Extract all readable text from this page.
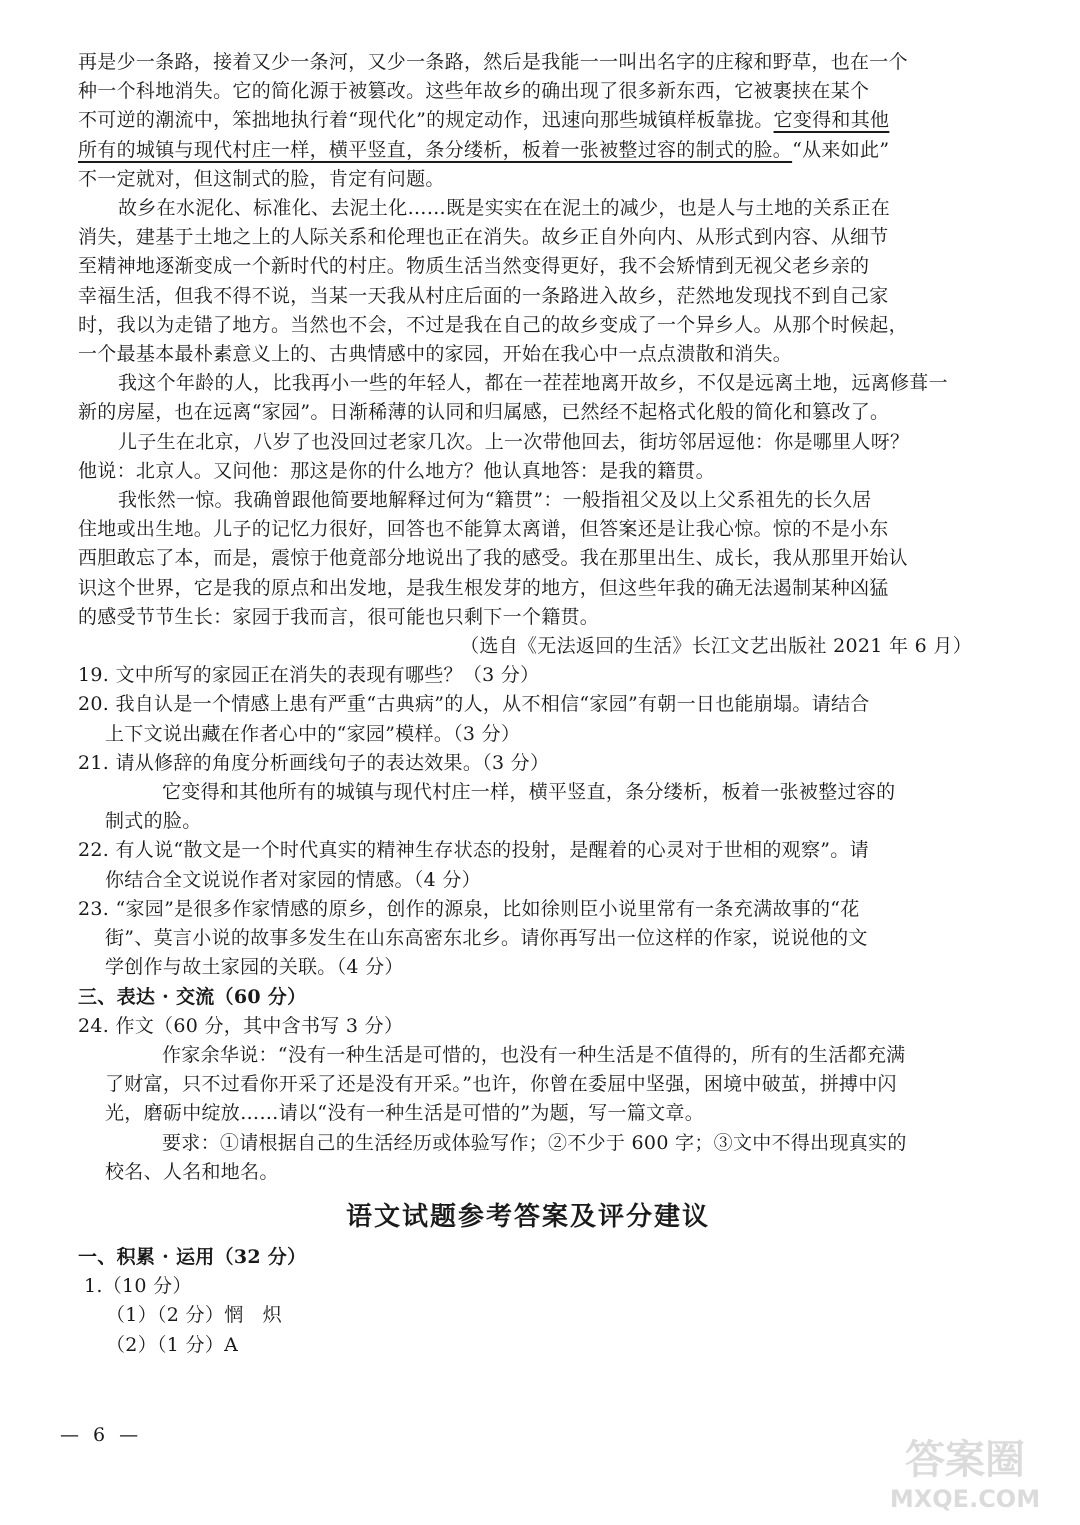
再是少一条路，接着又少一条河，又少一条路，然后是我能一一叫出名字的庄稼和野草，也在一个
种一个科地消失。它的简化源于被篡改。这些年故乡的确出现了很多新东西，它被裹挟在某个
不可逆的潮流中，笨拙地执行着“现代化”的规定动作，迅速向那些城镇样板靠拢。它变得和其他
所有的城镇与现代村庄一样，横平竖直，条分缕析，板着一张被整过容的制式的脸。“从来如此”
不一定就对，但这制式的脸，肯定有问题。
故乡在水泥化、标准化、去泥土化……既是实实在在泥土的减少，也是人与土地的关系正在
消失，建基于土地之上的人际关系和伦理也正在消失。故乡正自外向内、从形式到内容、从细节
至精神地逐渐变成一个新时代的村庄。物质生活当然变得更好，我不会矫情到无视父老乡亲的
幸福生活，但我不得不说，当某一天我从村庄后面的一条路进入故乡，茫然地发现找不到自己家
时，我以为走错了地方。当然也不会，不过是我在自己的故乡变成了一个异乡人。从那个时候起，
一个最基本最朴素意义上的、古典情感中的家园，开始在我心中一点点溃散和消失。
我这个年龄的人，比我再小一些的年轻人，都在一茬茬地离开故乡，不仅是远离土地，远离修葺一
新的房屋，也在远离“家园”。日渐稀薄的认同和归属感，已然经不起格式化般的简化和篡改了。
儿子生在北京，八岁了也没回过老家几次。上一次带他回去，街坊邻居逗他：你是哪里人呀？
他说：北京人。又问他：那这是你的什么地方？他认真地答：是我的籍贯。
我怅然一惊。我确曾跟他简要地解释过何为“籍贯”：一般指祖父及以上父系祖先的长久居
住地或出生地。儿子的记忆力很好，回答也不能算太离谱，但答案还是让我心惊。惊的不是小东
西胆敢忘了本，而是，震惊于他竟部分地说出了我的感受。我在那里出生、成长，我从那里开始认
识这个世界，它是我的原点和出发地，是我生根发芽的地方，但这些年我的确无法遏制某种凶猛
的感受节节生长：家园于我而言，很可能也只剩下一个籍贯。
（选自《无法返回的生活》长江文艺出版社 2021 年 6 月）
19. 文中所写的家园正在消失的表现有哪些？（3 分）
20. 我自认是一个情感上患有严重“古典病”的人，从不相信“家园”有朝一日也能崩塌。请结合
上下文说出藏在作者心中的“家园”模样。（3 分）
21. 请从修辞的角度分析画线句子的表达效果。（3 分）
它变得和其他所有的城镇与现代村庄一样，横平竖直，条分缕析，板着一张被整过容的
制式的脸。
22. 有人说“散文是一个时代真实的精神生存状态的投射，是醒着的心灵对于世相的观察”。请
你结合全文说说作者对家园的情感。（4 分）
23. “家园”是很多作家情感的原乡，创作的源泉，比如徐则臣小说里常有一条充满故事的“花
街”、莫言小说的故事多发生在山东高密东北乡。请你再写出一位这样的作家，说说他的文
学创作与故土家园的关联。（4 分）
三、表达 · 交流（60 分）
24. 作文（60 分，其中含书写 3 分）
作家余华说：“没有一种生活是可惜的，也没有一种生活是不值得的，所有的生活都充满
了财富，只不过看你开采了还是没有开采。”也许，你曾在委屈中坚强，困境中破茧，拼搏中闪
光，磨砺中绽放……请以“没有一种生活是可惜的”为题，写一篇文章。
要求：①请根据自己的生活经历或体验写作；②不少于 600 字；③文中不得出现真实的
校名、人名和地名。
语文试题参考答案及评分建议
一、积累 · 运用（32 分）
1.（10 分）
（1）（2 分）惘　炽
（2）（1 分）A
— 6 —
答案圈
MXQE.COM
